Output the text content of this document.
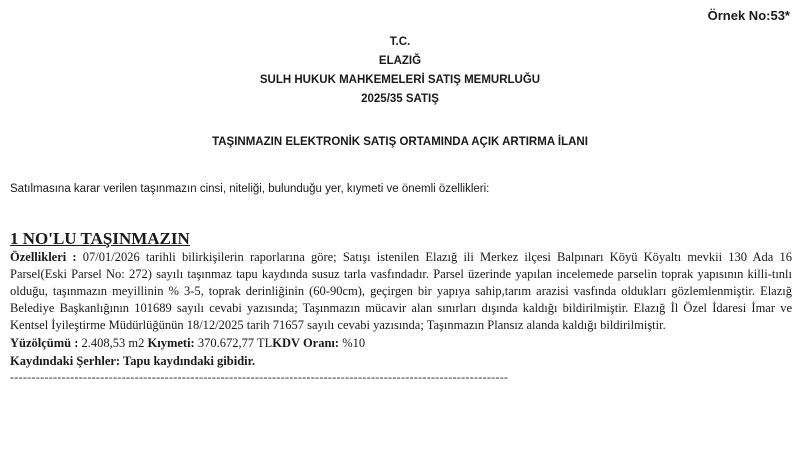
Örnek No:53*
T.C.
ELAZIĞ
SULH HUKUK MAHKEMELERİ SATIŞ MEMURLUĞU
2025/35 SATIŞ
TAŞINMAZIN ELEKTRONİK SATIŞ ORTAMINDA AÇIK ARTIRMA İLANI
Satılmasına karar verilen taşınmazın cinsi, niteliği, bulunduğu yer, kıymeti ve önemli özellikleri:

1 NO'LU TAŞINMAZIN

Özellikleri : 07/01/2026 tarihli bilirkişilerin raporlarına göre; Satışı istenilen Elazığ ili Merkez ilçesi Balpınarı Köyü Köyaltı mevkii 130 Ada 16 Parsel(Eski Parsel No: 272) sayılı taşınmaz tapu kaydında susuz tarla vasfındadır. Parsel üzerinde yapılan incelemede parselin toprak yapısının killi-tınlı olduğu, taşınmazın meyillinin % 3-5, toprak derinliğinin (60-90cm), geçirgen bir yapıya sahip,tarım arazisi vasfında oldukları gözlemlenmiştir. Elazığ Belediye Başkanlığının 101689 sayılı cevabi yazısında; Taşınmazın mücavir alan sınırları dışında kaldığı bildirilmiştir. Elazığ İl Özel İdaresi İmar ve Kentsel İyileştirme Müdürlüğünün 18/12/2025 tarih 71657 sayılı cevabi yazısında; Taşınmazın Plansız alanda kaldığı bildirilmiştir.

Yüzölçümü : 2.408,53 m2 Kıymeti: 370.672,77 TLKDV Oranı: %10

Kaydındaki Şerhler: Tapu kaydındaki gibidir.

--------------------------------------------------------------------------------------------------------------------
